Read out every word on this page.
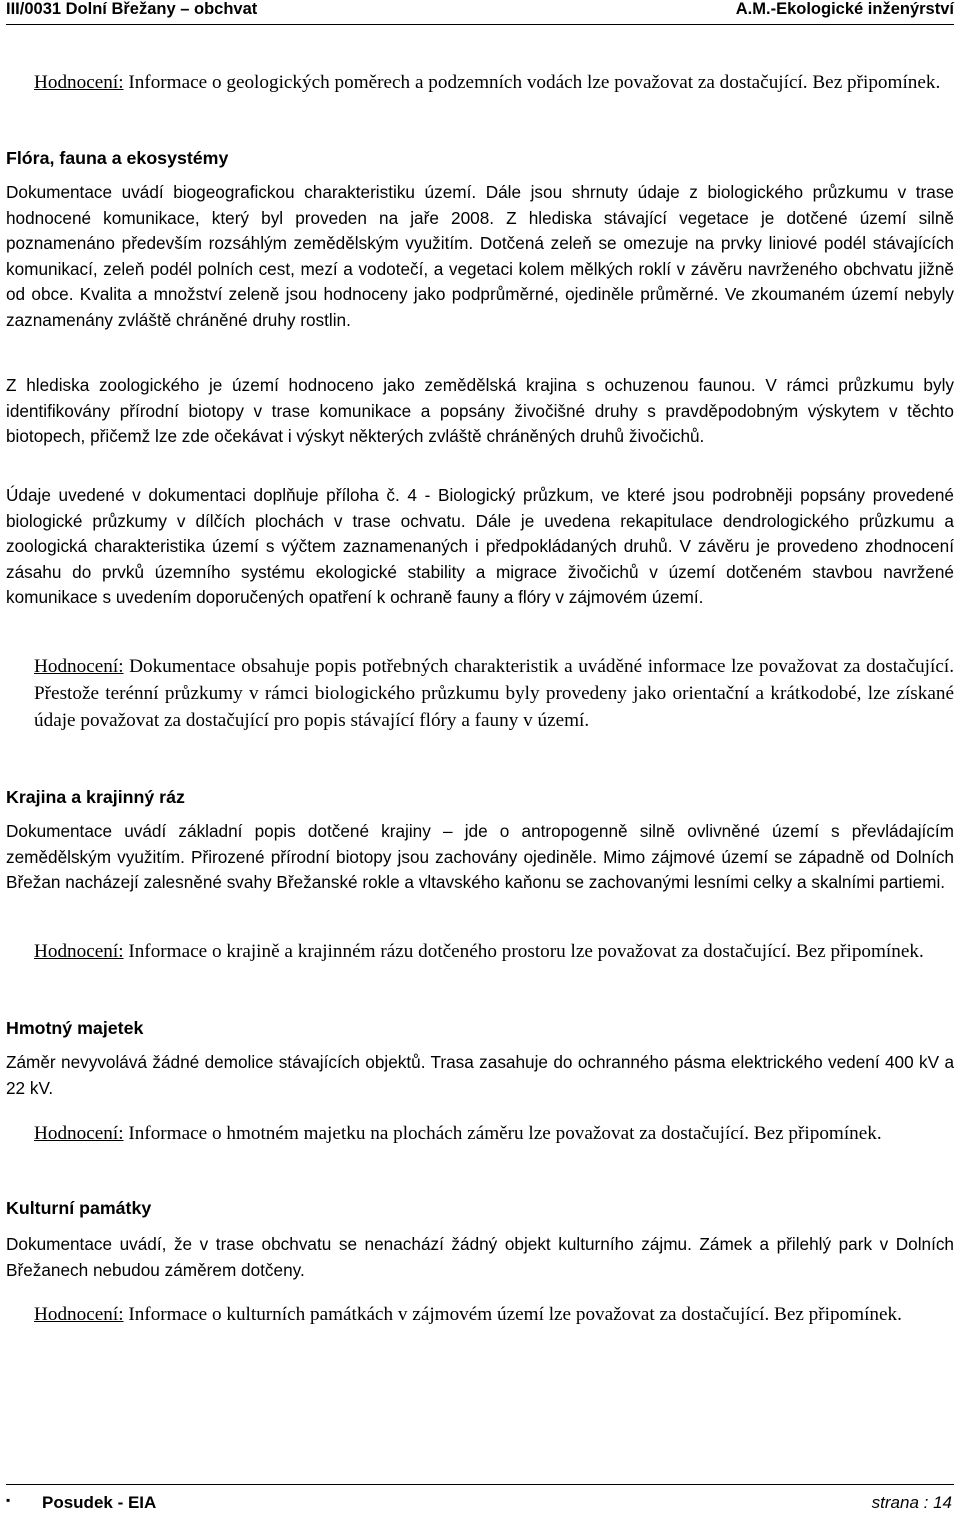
III/0031 Dolní Břežany – obchvat	A.M.-Ekologické inženýrství

Hodnocení: Informace o geologických poměrech a podzemních vodách lze považovat za dostačující. Bez připomínek.

Flóra, fauna a ekosystémy

Dokumentace uvádí biogeografickou charakteristiku území. Dále jsou shrnuty údaje z biologického průzkumu v trase hodnocené komunikace, který byl proveden na jaře 2008. Z hlediska stávající vegetace je dotčené území silně poznamenáno především rozsáhlým zemědělským využitím. Dotčená zeleň se omezuje na prvky liniové podél stávajících komunikací, zeleň podél polních cest, mezí a vodotečí, a vegetaci kolem mělkých roklí v závěru navrženého obchvatu jižně od obce. Kvalita a množství zeleně jsou hodnoceny jako podprůměrné, ojediněle průměrné. Ve zkoumaném území nebyly zaznamenány zvláště chráněné druhy rostlin.

Z hlediska zoologického je území hodnoceno jako zemědělská krajina s ochuzenou faunou. V rámci průzkumu byly identifikovány přírodní biotopy v trase komunikace a popsány živočišné druhy s pravděpodobným výskytem v těchto biotopech, přičemž lze zde očekávat i výskyt některých zvláště chráněných druhů živočichů.

Údaje uvedené v dokumentaci doplňuje příloha č. 4 - Biologický průzkum, ve které jsou podrobněji popsány provedené biologické průzkumy v dílčích plochách v trase ochvatu. Dále je uvedena rekapitulace dendrologického průzkumu a zoologická charakteristika území s výčtem zaznamenaných i předpokládaných druhů. V závěru je provedeno zhodnocení zásahu do prvků územního systému ekologické stability a migrace živočichů v území dotčeném stavbou navržené komunikace s uvedením doporučených opatření k ochraně fauny a flóry v zájmovém území.

Hodnocení: Dokumentace obsahuje popis potřebných charakteristik a uváděné informace lze považovat za dostačující. Přestože terénní průzkumy v rámci biologického průzkumu byly provedeny jako orientační a krátkodobé, lze získané údaje považovat za dostačující pro popis stávající flóry a fauny v území.

Krajina a krajinný ráz

Dokumentace uvádí základní popis dotčené krajiny – jde o antropogenně silně ovlivněné území s převládajícím zemědělským využitím. Přirozené přírodní biotopy jsou zachovány ojediněle. Mimo zájmové území se západně od Dolních Břežan nacházejí zalesněné svahy Břežanské rokle a vltavského kaňonu se zachovanými lesními celky a skalními partiemi.

Hodnocení: Informace o krajině a krajinném rázu dotčeného prostoru lze považovat za dostačující. Bez připomínek.

Hmotný majetek

Záměr nevyvolává žádné demolice stávajících objektů. Trasa zasahuje do ochranného pásma elektrického vedení 400 kV a 22 kV.

Hodnocení: Informace o hmotném majetku na plochách záměru lze považovat za dostačující. Bez připomínek.

Kulturní památky

Dokumentace uvádí, že v trase obchvatu se nenachází žádný objekt kulturního zájmu. Zámek a přilehlý park v Dolních Břežanech nebudou záměrem dotčeny.

Hodnocení: Informace o kulturních památkách v zájmovém území lze považovat za dostačující. Bez připomínek.

▪ Posudek - EIA	strana : 14
